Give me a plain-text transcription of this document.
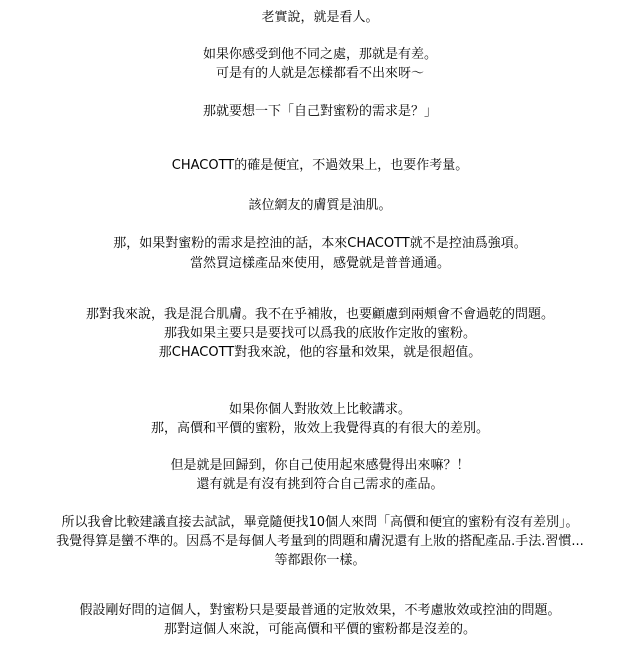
老實說，就是看人。
如果你感受到他不同之處，那就是有差。
可是有的人就是怎樣都看不出來呀～
那就要想一下「自己對蜜粉的需求是？」
CHACOTT的確是便宜，不過效果上，也要作考量。
該位網友的膚質是油肌。
那，如果對蜜粉的需求是控油的話，本來CHACOTT就不是控油爲強項。
當然買這樣產品來使用，感覺就是普普通通。
那對我來說，我是混合肌膚。我不在乎補妝，也要顧慮到兩頰會不會過乾的問題。
那我如果主要只是要找可以爲我的底妝作定妝的蜜粉。
那CHACOTT對我來說，他的容量和效果，就是很超值。
如果你個人對妝效上比較講求。
那，高價和平價的蜜粉，妝效上我覺得真的有很大的差別。
但是就是回歸到，你自己使用起來感覺得出來嘛？！
還有就是有沒有挑到符合自己需求的產品。
所以我會比較建議直接去試試，畢竟隨便找10個人來問「高價和便宜的蜜粉有沒有差別」。
我覺得算是蠻不準的。因爲不是每個人考量到的問題和膚況還有上妝的搭配產品.手法.習慣...
等都跟你一樣。
假設剛好問的這個人，對蜜粉只是要最普通的定妝效果，不考慮妝效或控油的問題。
那對這個人來說，可能高價和平價的蜜粉都是沒差的。
